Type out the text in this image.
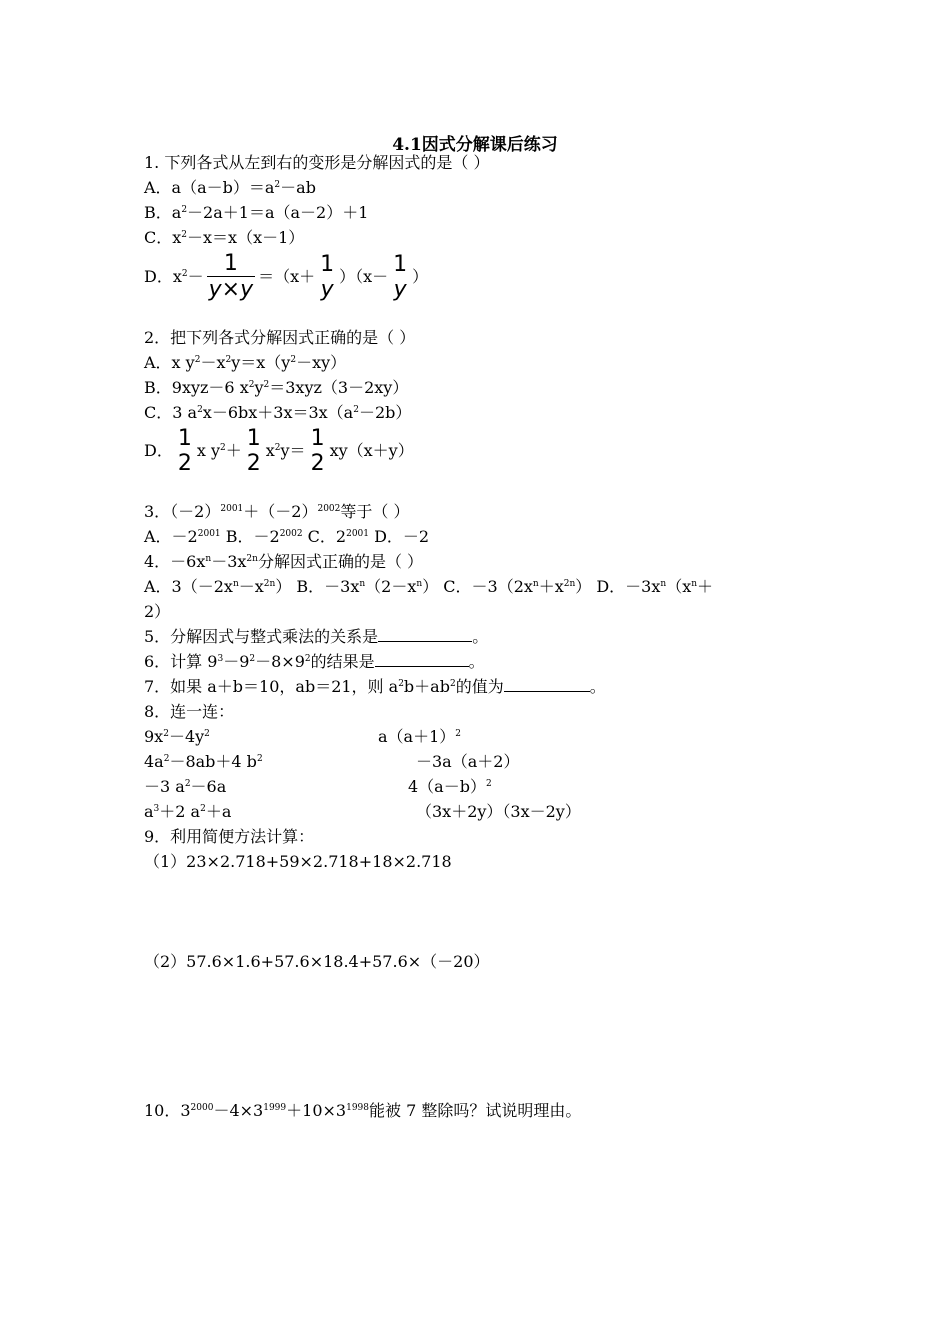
4.1因式分解课后练习
1. 下列各式从左到右的变形是分解因式的是（ ）
A．$a(a-b)=a^2-ab$
B．$a^2-2a+1=a(a-2)+1$
C．$x^2-x=x(x-1)$
D．$x^2- \frac{1}{y\times y} =(x+ 1$
y ）（x－ 1
y ）
2．把下列各式分解因式正确的是（ ）
A．x $y^2-x^2y=x(y^2-xy)$
B．9xyz－6 $x^2y^2=3xyz(3-2xy)$
C．3 $a^2x-6bx+3x=3x(a^2-2b)$
D． 1
2 x $y^2+ 1$
2 $x^2y= 1$
2 xy（x＋y）
3．$(-2)^{2001}+(-2)^{2002}$等于（ ）
A．$-2^{2001}$ B．$-2^{2002}$ C．$2^{2001}$ D．－2
4．$-6x^n-3x^{2n}$分解因式正确的是（ ）
A．$3(-2x^n-x^{2n})$ B．$-3x^n(2-x^n)$ C．$-3(2x^n+x^{2n})$ D．$-3x^n(x^n+$
2）
5．分解因式与整式乘法的关系是	。
6．计算 $9^3-9^2-8\times 9^2$的结果是	。
7．如果 a＋b＝10，ab＝21，则 $a^2b+ab^2$的值为	。
8．连一连：
$9x^2-4y^2$
$4a^2-8ab+4$ $b^2$
－3 $a^2-6a$
$a^3+2$ $a^2+a$
$a(a+1)^2$
－3a（a＋2）
$4(a-b)^2$
（3x＋2y）（3x－2y）
9．利用简便方法计算：
（1）23×2.718+59×2.718+18×2.718
（2）57.6×1.6+57.6×18.4+57.6×（－20）
10．$3^{2000}-4\times 3^{1999}+10\times 3^{1998}$能被 7 整除吗？试说明理由。
